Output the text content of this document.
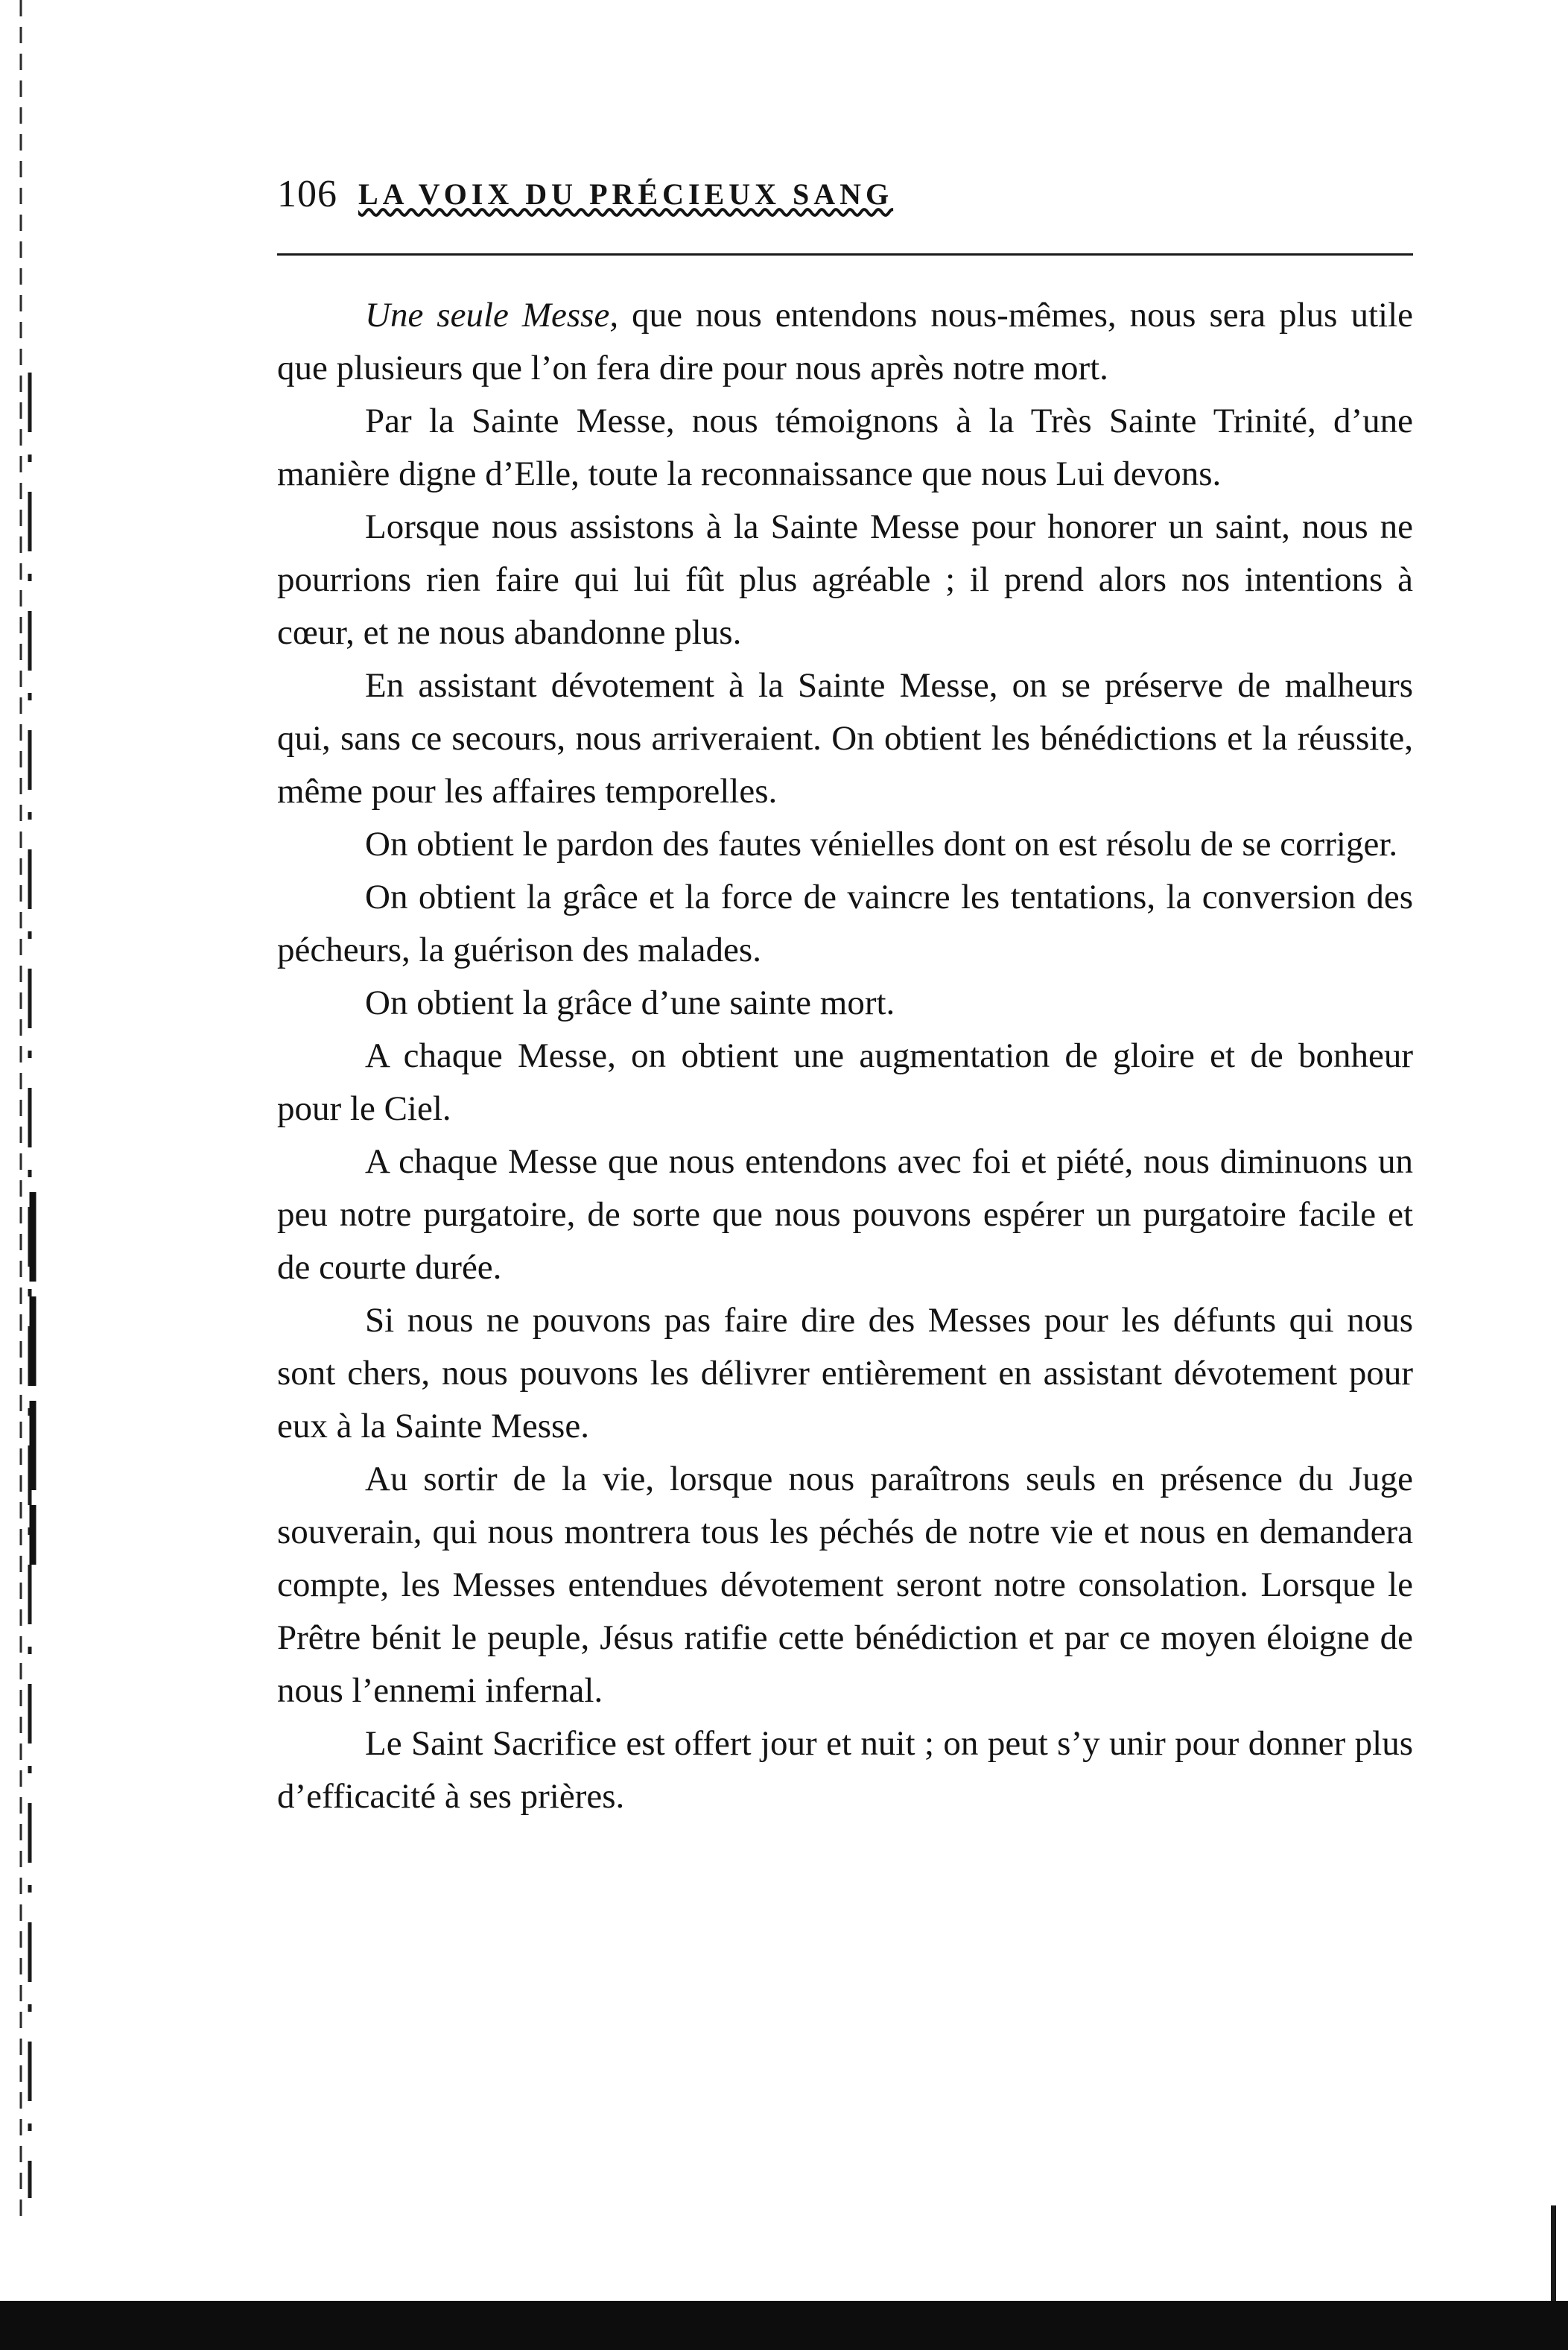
106 LA VOIX DU PRÉCIEUX SANG

Une seule Messe, que nous entendons nous-mêmes, nous sera plus utile que plusieurs que l’on fera dire pour nous après notre mort.

Par la Sainte Messe, nous témoignons à la Très Sainte Trinité, d’une manière digne d’Elle, toute la reconnaissance que nous Lui devons.

Lorsque nous assistons à la Sainte Messe pour honorer un saint, nous ne pourrions rien faire qui lui fût plus agréable ; il prend alors nos intentions à cœur, et ne nous abandonne plus.

En assistant dévotement à la Sainte Messe, on se préserve de malheurs qui, sans ce secours, nous arriveraient. On obtient les bénédictions et la réussite, même pour les affaires temporelles.

On obtient le pardon des fautes vénielles dont on est résolu de se corriger.

On obtient la grâce et la force de vaincre les tentations, la conversion des pécheurs, la guérison des malades.

On obtient la grâce d’une sainte mort.

A chaque Messe, on obtient une augmentation de gloire et de bonheur pour le Ciel.

A chaque Messe que nous entendons avec foi et piété, nous diminuons un peu notre purgatoire, de sorte que nous pouvons espérer un purgatoire facile et de courte durée.

Si nous ne pouvons pas faire dire des Messes pour les défunts qui nous sont chers, nous pouvons les délivrer entièrement en assistant dévotement pour eux à la Sainte Messe.

Au sortir de la vie, lorsque nous paraîtrons seuls en présence du Juge souverain, qui nous montrera tous les péchés de notre vie et nous en demandera compte, les Messes entendues dévotement seront notre consolation. Lorsque le Prêtre bénit le peuple, Jésus ratifie cette bénédiction et par ce moyen éloigne de nous l’ennemi infernal.

Le Saint Sacrifice est offert jour et nuit ; on peut s’y unir pour donner plus d’efficacité à ses prières.
